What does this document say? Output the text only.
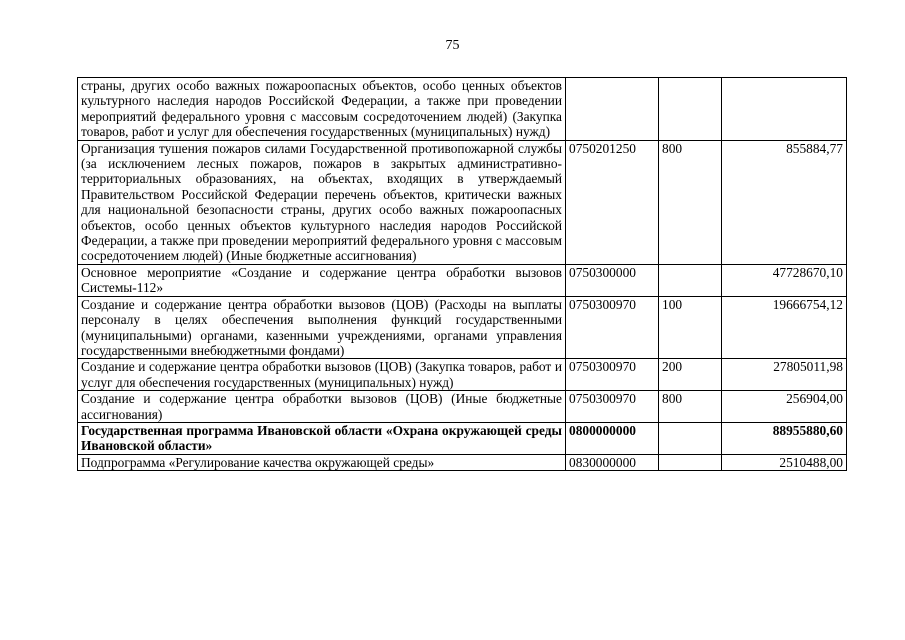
75
страны, других особо важных пожароопасных объектов, особо ценных объектов культурного наследия народов Российской Федерации, а также при проведении мероприятий федерального уровня с массовым сосредоточением людей) (Закупка товаров, работ и услуг для обеспечения государственных (муниципальных) нужд)			
Организация тушения пожаров силами Государственной противопожарной службы (за исключением лесных пожаров, пожаров в закрытых административно-территориальных образованиях, на объектах, входящих в утверждаемый Правительством Российской Федерации перечень объектов, критически важных для национальной безопасности страны, других особо важных пожароопасных объектов, особо ценных объектов культурного наследия народов Российской Федерации, а также при проведении мероприятий федерального уровня с массовым сосредоточением людей) (Иные бюджетные ассигнования)	0750201250	800	855884,77
Основное мероприятие «Создание и содержание центра обработки вызовов Системы-112»	0750300000		47728670,10
Создание и содержание центра обработки вызовов (ЦОВ) (Расходы на выплаты персоналу в целях обеспечения выполнения функций государственными (муниципальными) органами, казенными учреждениями, органами управления государственными внебюджетными фондами)	0750300970	100	19666754,12
Создание и содержание центра обработки вызовов (ЦОВ) (Закупка товаров, работ и услуг для обеспечения государственных (муниципальных) нужд)	0750300970	200	27805011,98
Создание и содержание центра обработки вызовов (ЦОВ) (Иные бюджетные ассигнования)	0750300970	800	256904,00
Государственная программа Ивановской области «Охрана окружающей среды Ивановской области»	0800000000		88955880,60
Подпрограмма «Регулирование качества окружающей среды»	0830000000		2510488,00
